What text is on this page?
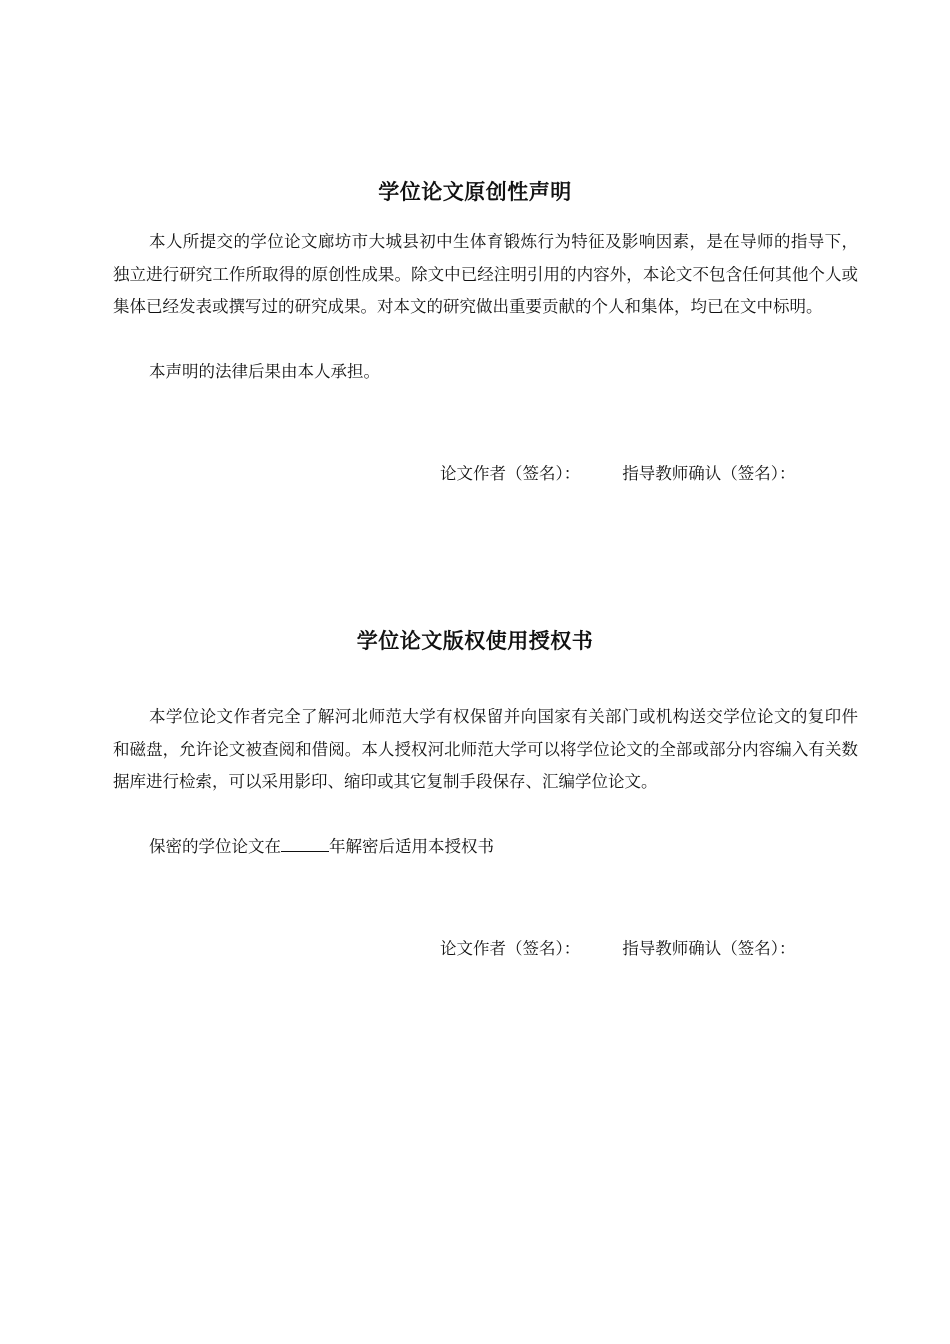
学位论文原创性声明

本人所提交的学位论文廊坊市大城县初中生体育锻炼行为特征及影响因素，是在导师的指导下，独立进行研究工作所取得的原创性成果。除文中已经注明引用的内容外，本论文不包含任何其他个人或集体已经发表或撰写过的研究成果。对本文的研究做出重要贡献的个人和集体，均已在文中标明。

本声明的法律后果由本人承担。

论文作者（签名）：	指导教师确认（签名）：
学位论文版权使用授权书

本学位论文作者完全了解河北师范大学有权保留并向国家有关部门或机构送交学位论文的复印件和磁盘，允许论文被查阅和借阅。本人授权河北师范大学可以将学位论文的全部或部分内容编入有关数据库进行检索，可以采用影印、缩印或其它复制手段保存、汇编学位论文。

保密的学位论文在	年解密后适用本授权书

论文作者（签名）：	指导教师确认（签名）：
